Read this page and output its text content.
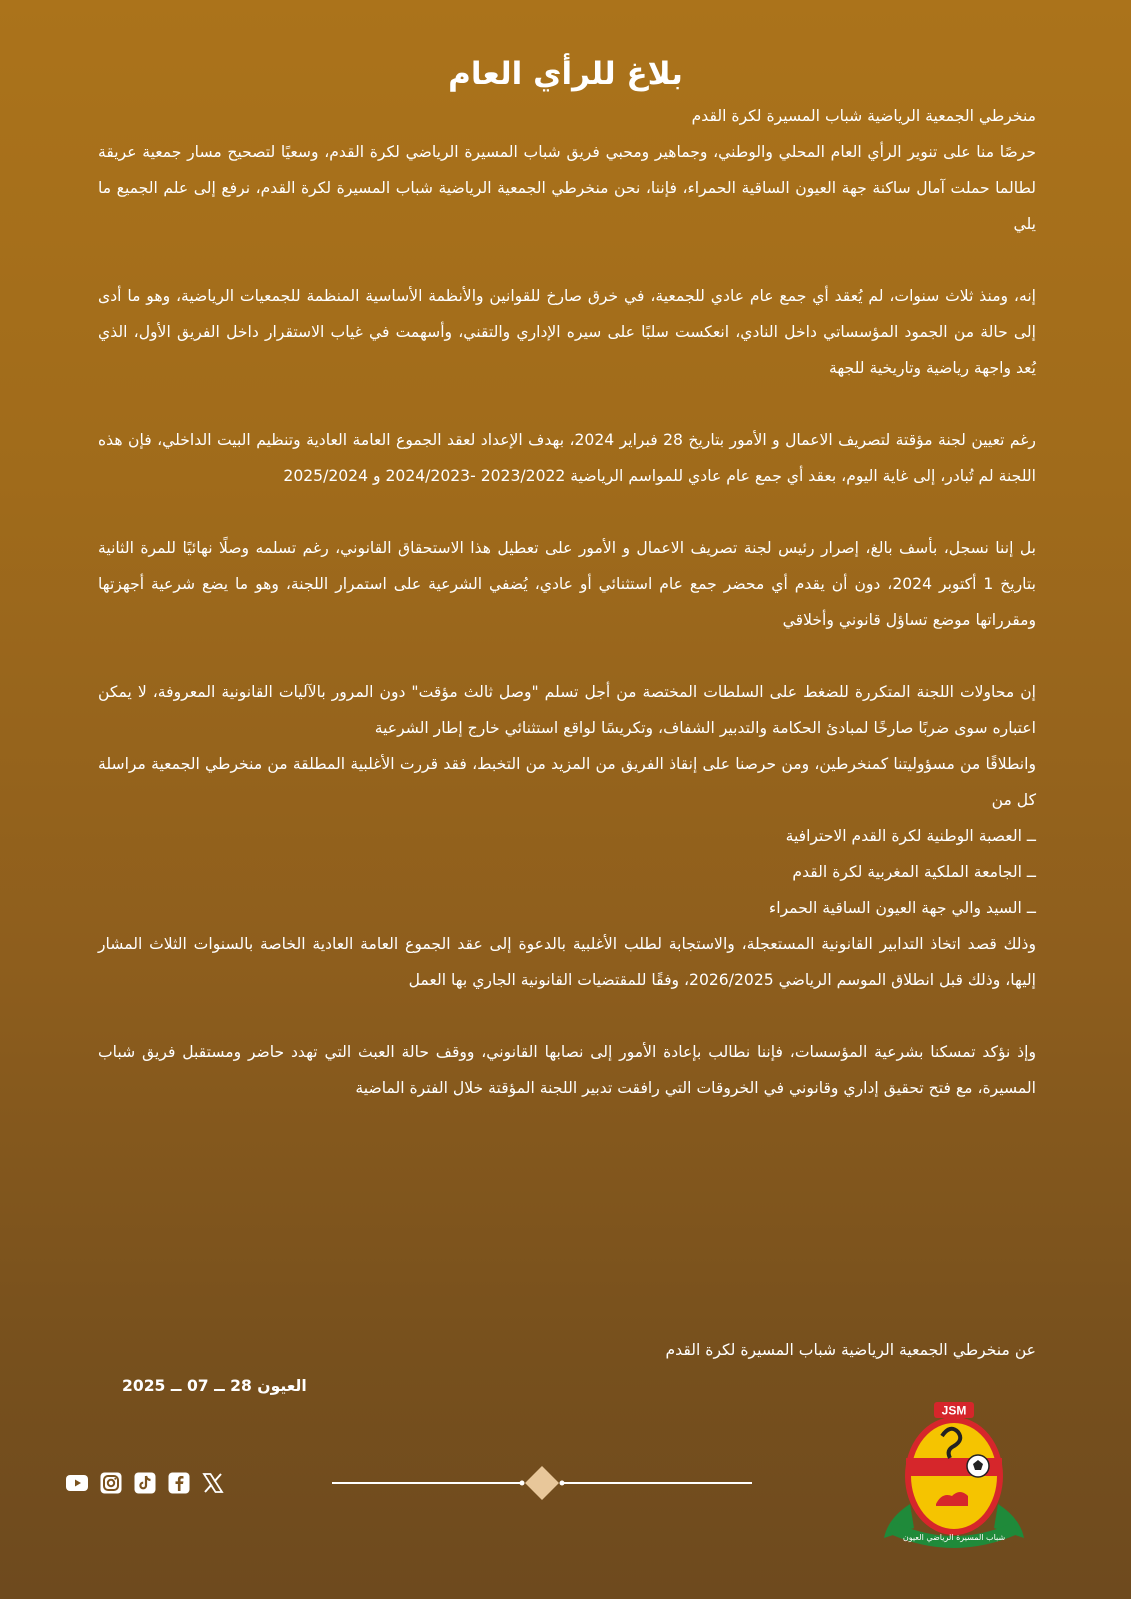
بلاغ للرأي العام

منخرطي الجمعية الرياضية شباب المسيرة لكرة القدم

حرصًا منا على تنوير الرأي العام المحلي والوطني، وجماهير ومحبي فريق شباب المسيرة الرياضي لكرة القدم، وسعيًا لتصحيح مسار جمعية عريقة لطالما حملت آمال ساكنة جهة العيون الساقية الحمراء، فإننا، نحن منخرطي الجمعية الرياضية شباب المسيرة لكرة القدم، نرفع إلى علم الجميع ما يلي

إنه، ومنذ ثلاث سنوات، لم يُعقد أي جمع عام عادي للجمعية، في خرق صارخ للقوانين والأنظمة الأساسية المنظمة للجمعيات الرياضية، وهو ما أدى إلى حالة من الجمود المؤسساتي داخل النادي، انعكست سلبًا على سيره الإداري والتقني، وأسهمت في غياب الاستقرار داخل الفريق الأول، الذي يُعد واجهة رياضية وتاريخية للجهة

رغم تعيين لجنة مؤقتة لتصريف الاعمال و الأمور بتاريخ 28 فبراير 2024، بهدف الإعداد لعقد الجموع العامة العادية وتنظيم البيت الداخلي، فإن هذه اللجنة لم تُبادر، إلى غاية اليوم، بعقد أي جمع عام عادي للمواسم الرياضية 2023/2022 -2024/2023 و 2025/2024

بل إننا نسجل، بأسف بالغ، إصرار رئيس لجنة تصريف الاعمال و الأمور على تعطيل هذا الاستحقاق القانوني، رغم تسلمه وصلًا نهائيًا للمرة الثانية بتاريخ 1 أكتوبر 2024، دون أن يقدم أي محضر جمع عام استثنائي أو عادي، يُضفي الشرعية على استمرار اللجنة، وهو ما يضع شرعية أجهزتها ومقرراتها موضع تساؤل قانوني وأخلاقي

إن محاولات اللجنة المتكررة للضغط على السلطات المختصة من أجل تسلم "وصل ثالث مؤقت" دون المرور بالآليات القانونية المعروفة، لا يمكن اعتباره سوى ضربًا صارخًا لمبادئ الحكامة والتدبير الشفاف، وتكريسًا لواقع استثنائي خارج إطار الشرعية

وانطلاقًا من مسؤوليتنا كمنخرطين، ومن حرصنا على إنقاذ الفريق من المزيد من التخبط، فقد قررت الأغلبية المطلقة من منخرطي الجمعية مراسلة كل من

ــ العصبة الوطنية لكرة القدم الاحترافية

ــ الجامعة الملكية المغربية لكرة القدم

ــ السيد والي جهة العيون الساقية الحمراء

وذلك قصد اتخاذ التدابير القانونية المستعجلة، والاستجابة لطلب الأغلبية بالدعوة إلى عقد الجموع العامة العادية الخاصة بالسنوات الثلاث المشار إليها، وذلك قبل انطلاق الموسم الرياضي 2026/2025، وفقًا للمقتضيات القانونية الجاري بها العمل

وإذ نؤكد تمسكنا بشرعية المؤسسات، فإننا نطالب بإعادة الأمور إلى نصابها القانوني، ووقف حالة العبث التي تهدد حاضر ومستقبل فريق شباب المسيرة، مع فتح تحقيق إداري وقانوني في الخروقات التي رافقت تدبير اللجنة المؤقتة خلال الفترة الماضية

عن منخرطي الجمعية الرياضية شباب المسيرة لكرة القدم

العيون 28 ــ 07 ــ 2025

JSM
شباب المسيرة الرياضي العيون
